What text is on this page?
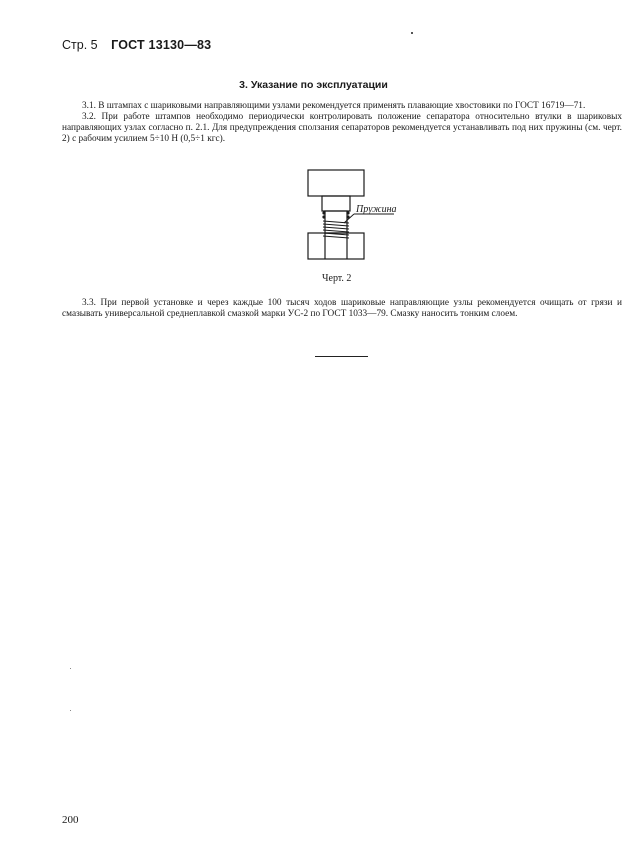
Стр. 5 ГОСТ 13130—83
3. Указание по эксплуатации

3.1. В штампах с шариковыми направляющими узлами рекомендуется применять плавающие хвостовики по ГОСТ 16719—71.

3.2. При работе штампов необходимо периодически контролировать положение сепаратора относительно втулки в шариковых направляющих узлах согласно п. 2.1. Для предупреждения сползания сепараторов рекомендуется устанавливать под них пружины (см. черт. 2) с рабочим усилием 5÷10 Н (0,5÷1 кгс).

Пружина
Черт. 2

3.3. При первой установке и через каждые 100 тысяч ходов шариковые направляющие узлы рекомендуется очищать от грязи и смазывать универсальной среднеплавкой смазкой марки УС-2 по ГОСТ 1033—79. Смазку наносить тонким слоем.

200
